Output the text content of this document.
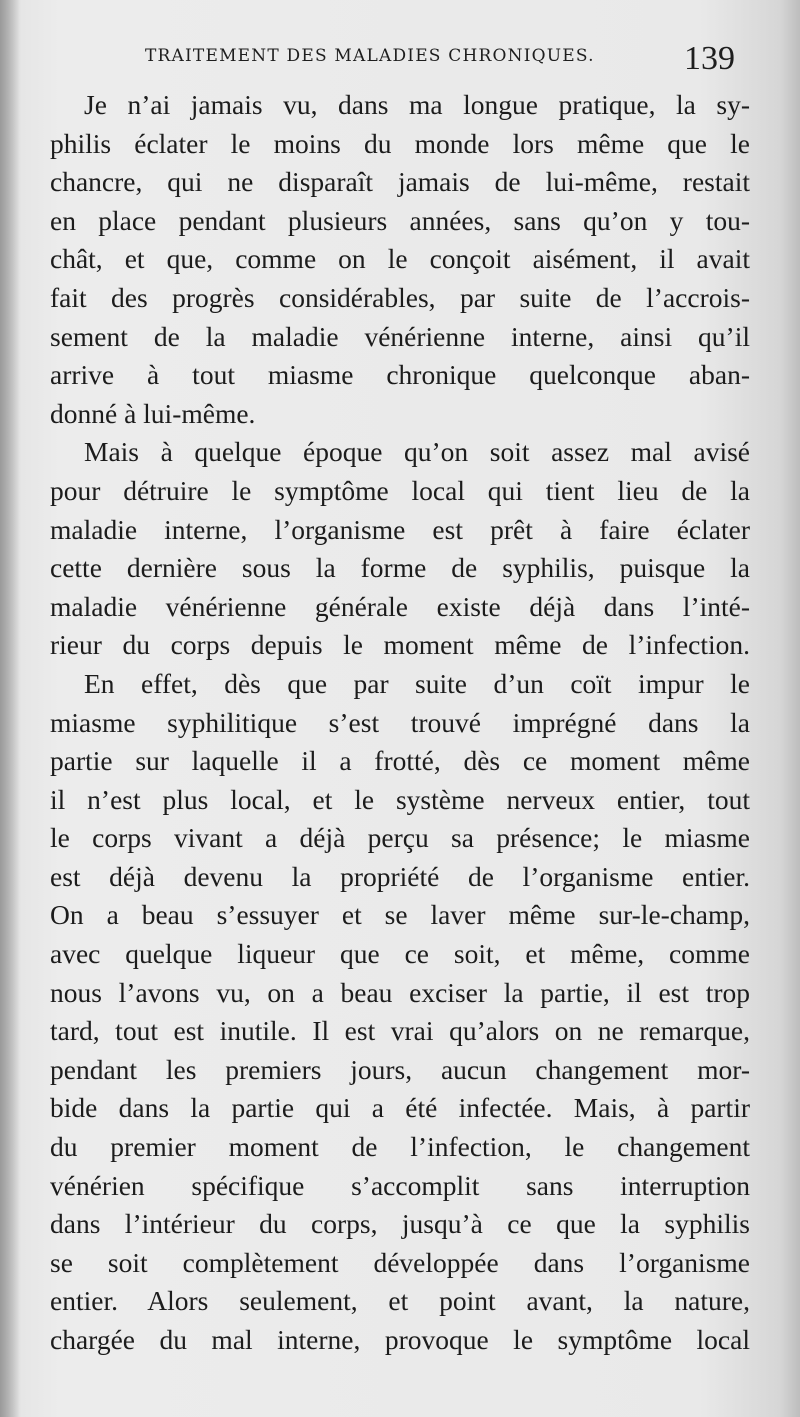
TRAITEMENT DES MALADIES CHRONIQUES.	139
Je n’ai jamais vu, dans ma longue pratique, la sy-
philis éclater le moins du monde lors même que le
chancre, qui ne disparaît jamais de lui-même, restait
en place pendant plusieurs années, sans qu’on y tou-
chât, et que, comme on le conçoit aisément, il avait
fait des progrès considérables, par suite de l’accrois-
sement de la maladie vénérienne interne, ainsi qu’il
arrive à tout miasme chronique quelconque aban-
donné à lui-même.
Mais à quelque époque qu’on soit assez mal avisé
pour détruire le symptôme local qui tient lieu de la
maladie interne, l’organisme est prêt à faire éclater
cette dernière sous la forme de syphilis, puisque la
maladie vénérienne générale existe déjà dans l’inté-
rieur du corps depuis le moment même de l’infection.
En effet, dès que par suite d’un coït impur le
miasme syphilitique s’est trouvé imprégné dans la
partie sur laquelle il a frotté, dès ce moment même
il n’est plus local, et le système nerveux entier, tout
le corps vivant a déjà perçu sa présence; le miasme
est déjà devenu la propriété de l’organisme entier.
On a beau s’essuyer et se laver même sur-le-champ,
avec quelque liqueur que ce soit, et même, comme
nous l’avons vu, on a beau exciser la partie, il est trop
tard, tout est inutile. Il est vrai qu’alors on ne remarque,
pendant les premiers jours, aucun changement mor-
bide dans la partie qui a été infectée. Mais, à partir
du premier moment de l’infection, le changement
vénérien spécifique s’accomplit sans interruption
dans l’intérieur du corps, jusqu’à ce que la syphilis
se soit complètement développée dans l’organisme
entier. Alors seulement, et point avant, la nature,
chargée du mal interne, provoque le symptôme local
